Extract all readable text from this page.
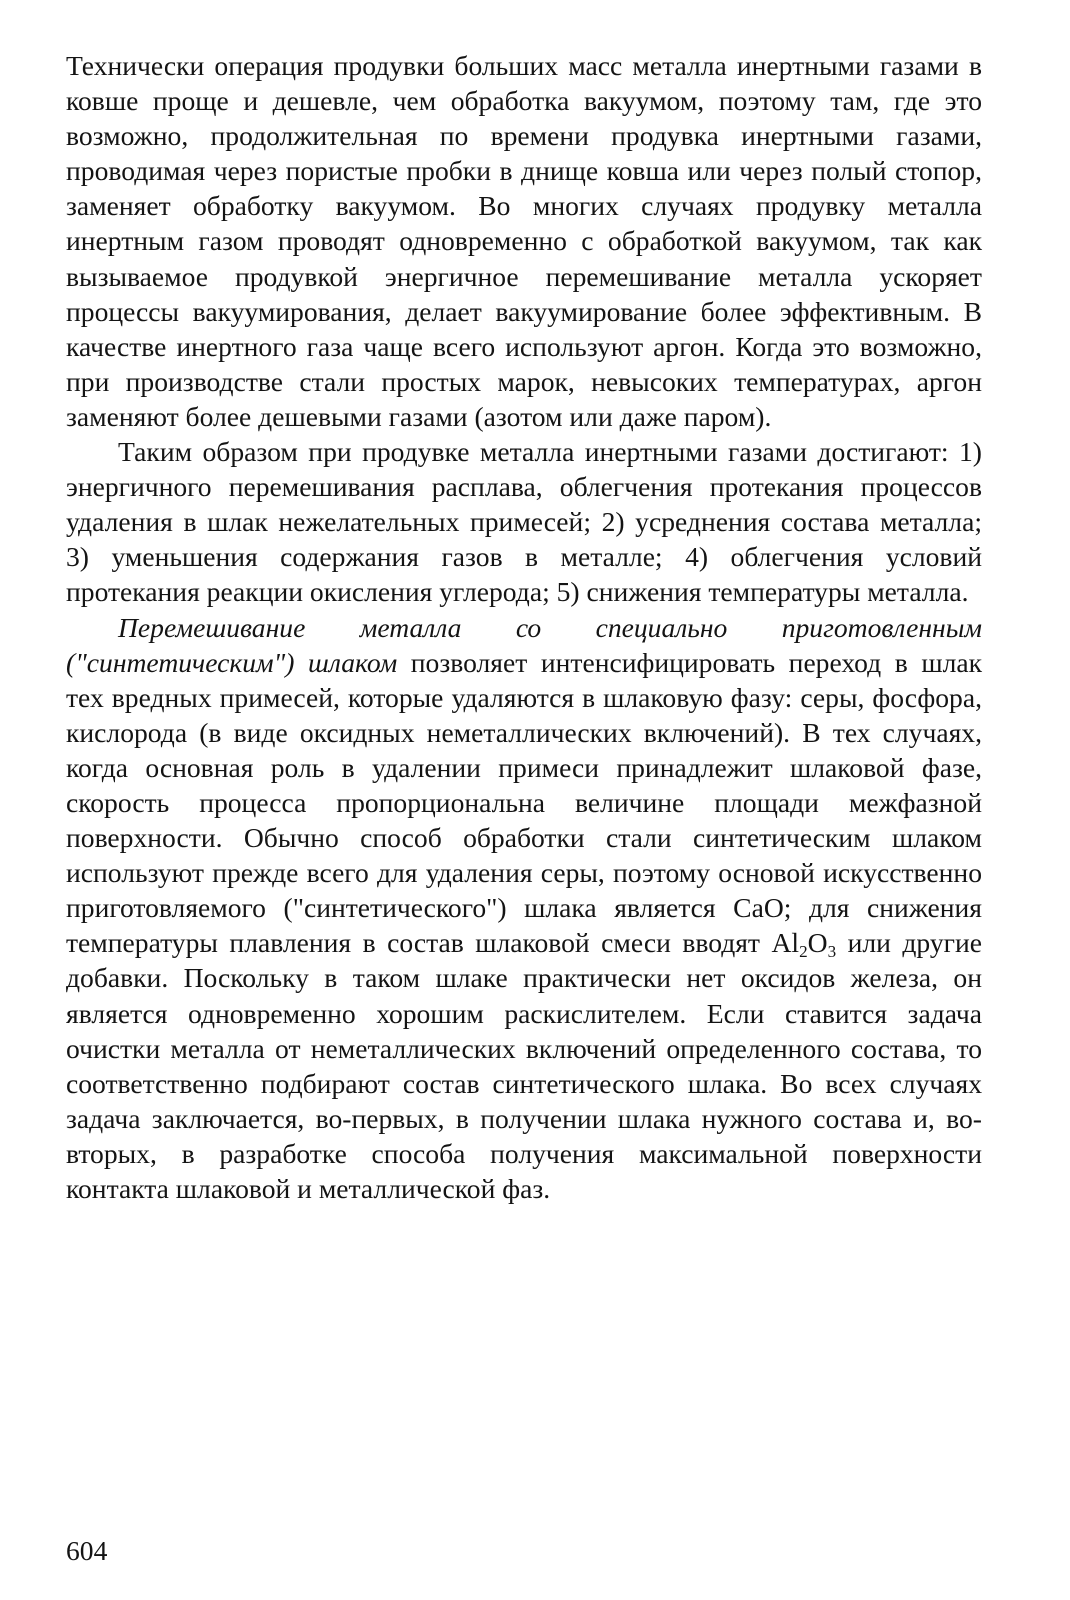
Технически операция продувки больших масс металла инертными газами в ковше проще и дешевле, чем обработка вакуумом, поэтому там, где это возможно, продолжительная по времени продувка инертными газами, проводимая через пористые пробки в днище ковша или через полый стопор, заменяет обработку вакуумом. Во многих случаях продувку металла инертным газом проводят одновременно с обработкой вакуумом, так как вызываемое продувкой энергичное перемешивание металла ускоряет процессы вакуумирования, делает вакуумирование более эффективным. В качестве инертного газа чаще всего используют аргон. Когда это возможно, при производстве стали простых марок, невысоких температурах, аргон заменяют более дешевыми газами (азотом или даже паром).

Таким образом при продувке металла инертными газами достигают: 1) энергичного перемешивания расплава, облегчения протекания процессов удаления в шлак нежелательных примесей; 2) усреднения состава металла; 3) уменьшения содержания газов в металле; 4) облегчения условий протекания реакции окисления углерода; 5) снижения температуры металла.

Перемешивание металла со специально приготовленным ("синтетическим") шлаком позволяет интенсифицировать переход в шлак тех вредных примесей, которые удаляются в шлаковую фазу: серы, фосфора, кислорода (в виде оксидных неметаллических включений). В тех случаях, когда основная роль в удалении примеси принадлежит шлаковой фазе, скорость процесса пропорциональна величине площади межфазной поверхности. Обычно способ обработки стали синтетическим шлаком используют прежде всего для удаления серы, поэтому основой искусственно приготовляемого ("синтетического") шлака является CaO; для снижения температуры плавления в состав шлаковой смеси вводят $Al_2O_3$ или другие добавки. Поскольку в таком шлаке практически нет оксидов железа, он является одновременно хорошим раскислителем. Если ставится задача очистки металла от неметаллических включений определенного состава, то соответственно подбирают состав синтетического шлака. Во всех случаях задача заключается, во-первых, в получении шлака нужного состава и, во-вторых, в разработке способа получения максимальной поверхности контакта шлаковой и металлической фаз.

604
